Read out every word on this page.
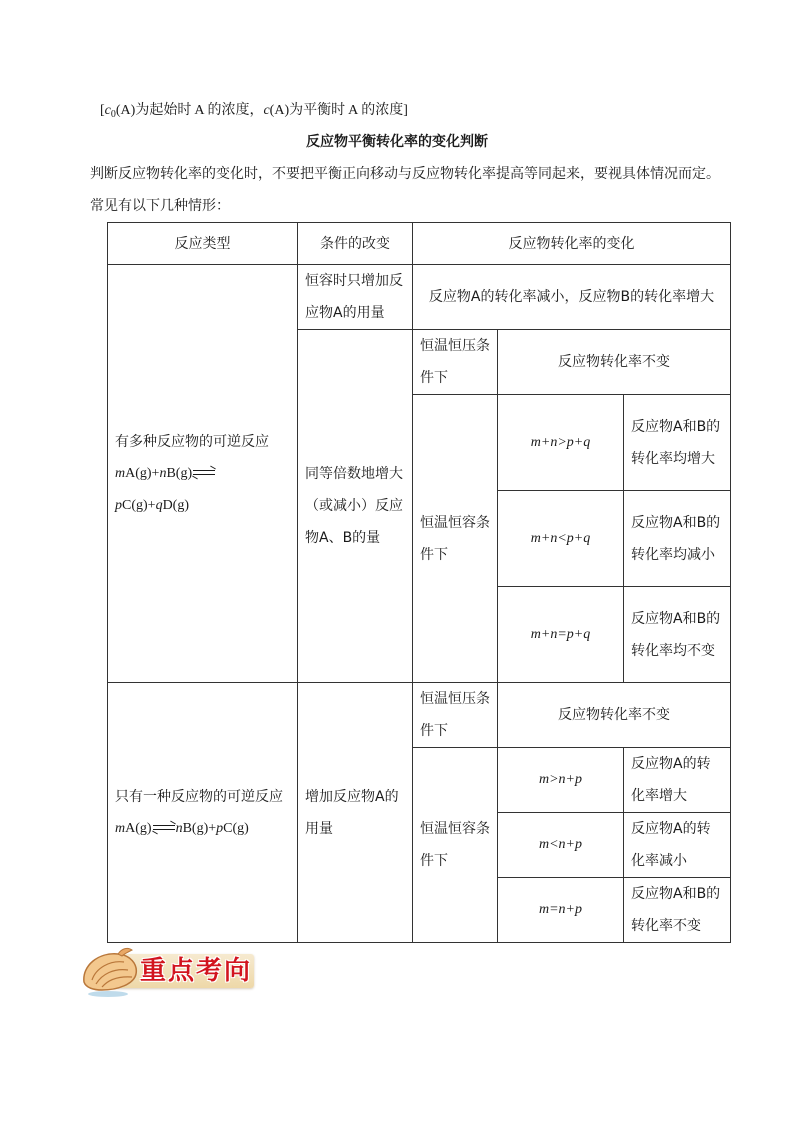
[$c_0(A)$为起始时 A 的浓度，c(A)为平衡时 A 的浓度]
反应物平衡转化率的变化判断
判断反应物转化率的变化时，不要把平衡正向移动与反应物转化率提高等同起来，要视具体情况而定。
常见有以下几种情形：
反应类型	条件的改变	反应物转化率的变化		

有多种反应物的可逆反应
mA(g)+nB(g)
pC(g)+qD(g)	恒容时只增加反应物A的用量	反应物A的转化率减小，反应物B的转化率增大		
	同等倍数地增大（或减小）反应物A、B的量	恒温恒压条件下	反应物转化率不变	
		恒温恒容条件下	m+n>p+q	反应物A和B的转化率均增大
			m+n<p+q	反应物A和B的转化率均减小
			m+n=p+q	反应物A和B的转化率均不变

只有一种反应物的可逆反应
mA(g) nB(g)+pC(g)	增加反应物A的用量	恒温恒压条件下	反应物转化率不变	
		恒温恒容条件下	m>n+p	反应物A的转化率增大
			m<n+p	反应物A的转化率减小
			m=n+p	反应物A和B的转化率不变
重点考向
